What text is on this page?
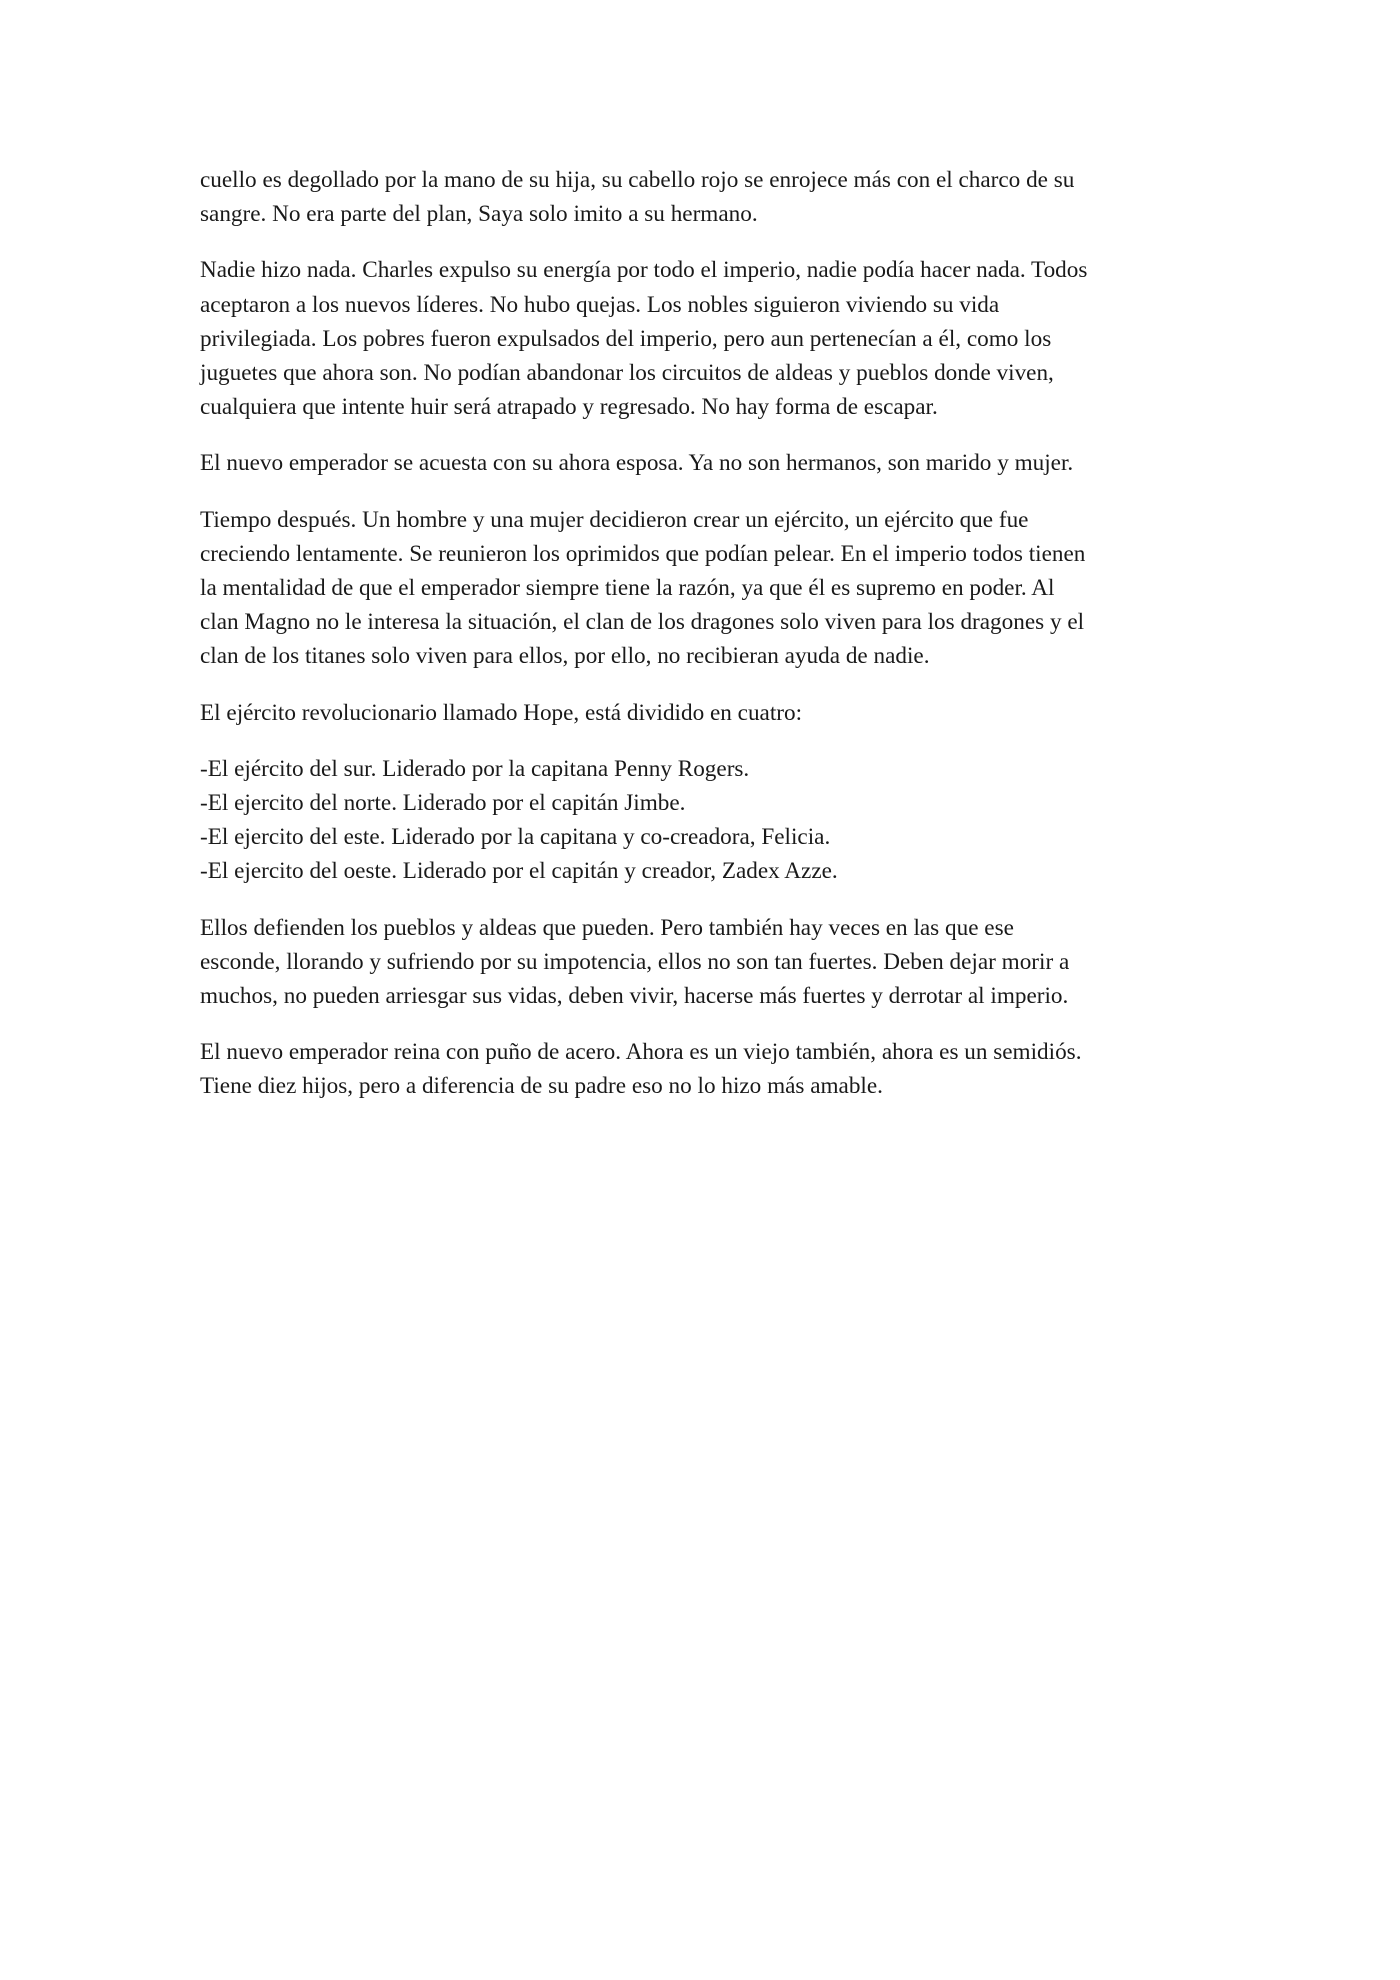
cuello es degollado por la mano de su hija, su cabello rojo se enrojece más con el charco de su
sangre. No era parte del plan, Saya solo imito a su hermano.

Nadie hizo nada. Charles expulso su energía por todo el imperio, nadie podía hacer nada. Todos
aceptaron a los nuevos líderes. No hubo quejas. Los nobles siguieron viviendo su vida
privilegiada. Los pobres fueron expulsados del imperio, pero aun pertenecían a él, como los
juguetes que ahora son. No podían abandonar los circuitos de aldeas y pueblos donde viven,
cualquiera que intente huir será atrapado y regresado. No hay forma de escapar.

El nuevo emperador se acuesta con su ahora esposa. Ya no son hermanos, son marido y mujer.

Tiempo después. Un hombre y una mujer decidieron crear un ejército, un ejército que fue
creciendo lentamente. Se reunieron los oprimidos que podían pelear. En el imperio todos tienen
la mentalidad de que el emperador siempre tiene la razón, ya que él es supremo en poder. Al
clan Magno no le interesa la situación, el clan de los dragones solo viven para los dragones y el
clan de los titanes solo viven para ellos, por ello, no recibieran ayuda de nadie.

El ejército revolucionario llamado Hope, está dividido en cuatro:

-El ejército del sur. Liderado por la capitana Penny Rogers.
-El ejercito del norte. Liderado por el capitán Jimbe.
-El ejercito del este. Liderado por la capitana y co-creadora, Felicia.
-El ejercito del oeste. Liderado por el capitán y creador, Zadex Azze.

Ellos defienden los pueblos y aldeas que pueden. Pero también hay veces en las que ese
esconde, llorando y sufriendo por su impotencia, ellos no son tan fuertes. Deben dejar morir a
muchos, no pueden arriesgar sus vidas, deben vivir, hacerse más fuertes y derrotar al imperio.

El nuevo emperador reina con puño de acero. Ahora es un viejo también, ahora es un semidiós.
Tiene diez hijos, pero a diferencia de su padre eso no lo hizo más amable.
